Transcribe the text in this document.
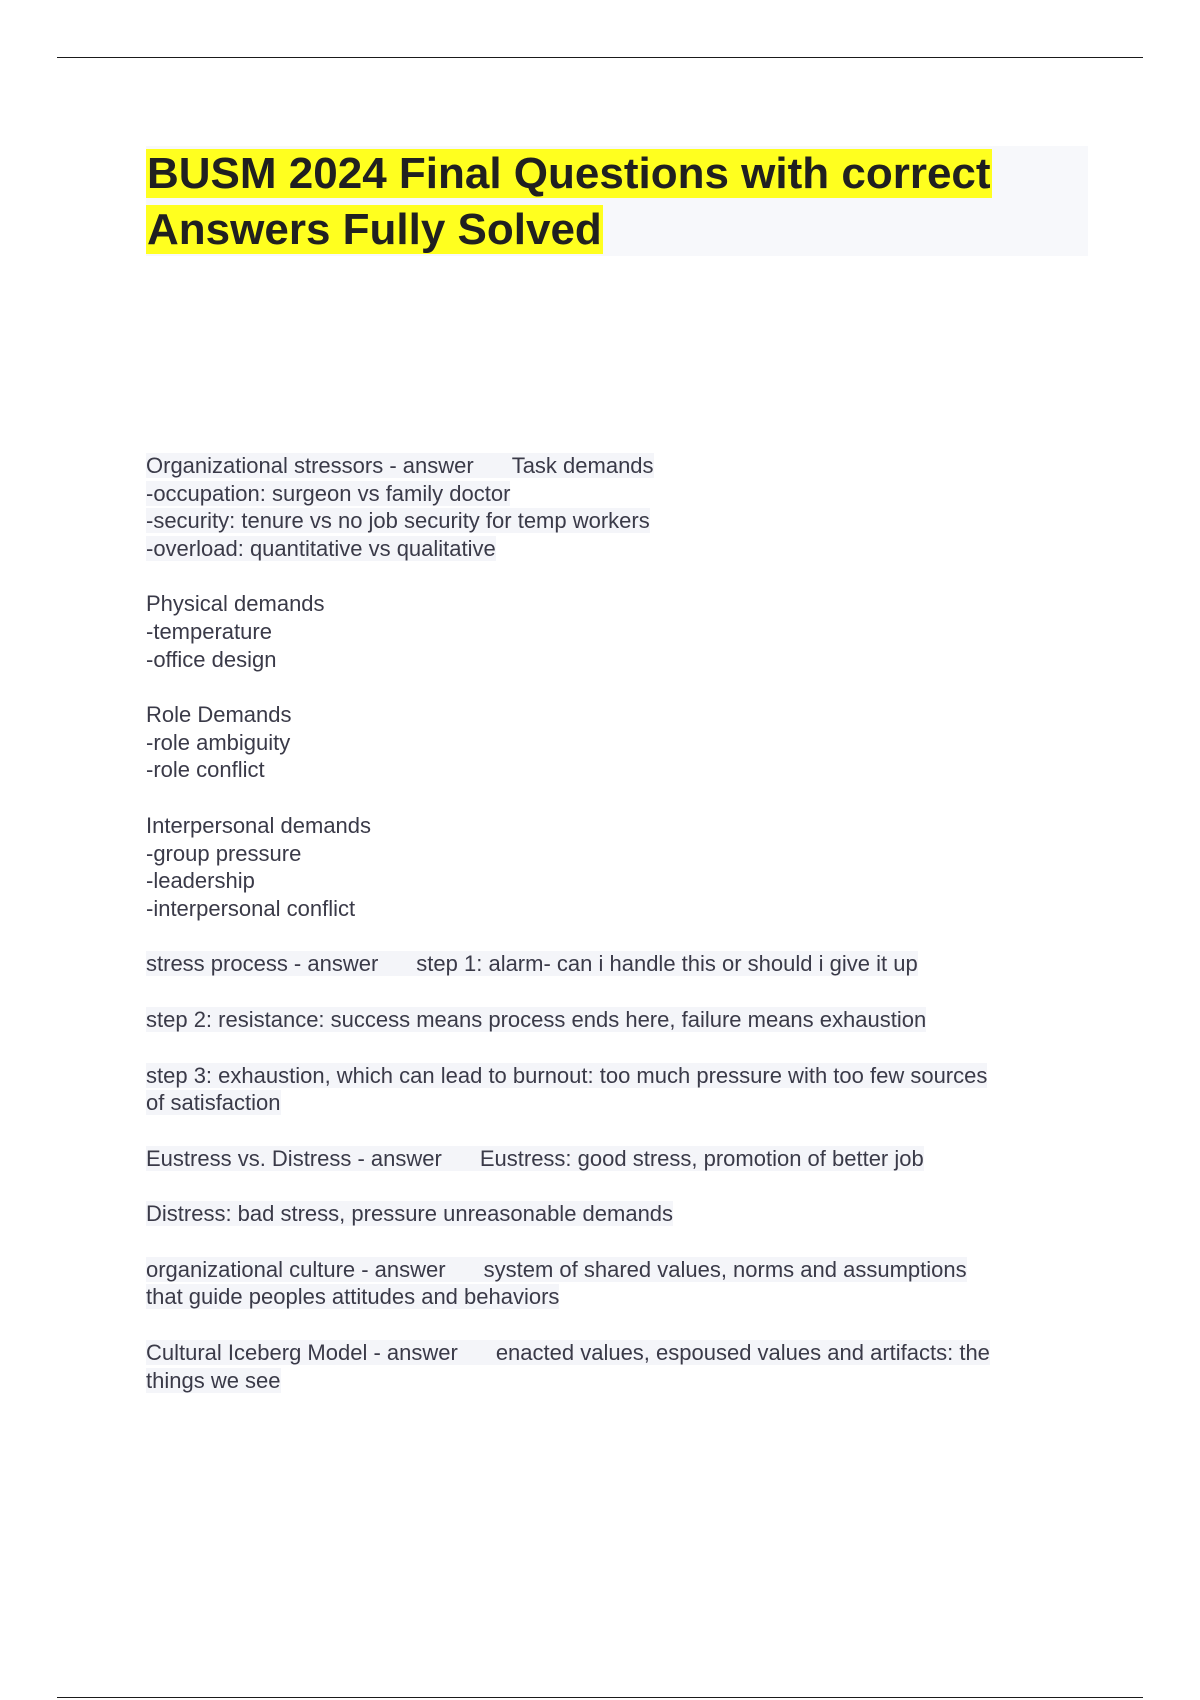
BUSM 2024 Final Questions with correct
Answers Fully Solved
Organizational stressors - answer Task demands
-occupation: surgeon vs family doctor
-security: tenure vs no job security for temp workers
-overload: quantitative vs qualitative
Physical demands
-temperature
-office design
Role Demands
-role ambiguity
-role conflict
Interpersonal demands
-group pressure
-leadership
-interpersonal conflict
stress process - answer step 1: alarm- can i handle this or should i give it up
step 2: resistance: success means process ends here, failure means exhaustion
step 3: exhaustion, which can lead to burnout: too much pressure with too few sources
of satisfaction
Eustress vs. Distress - answer Eustress: good stress, promotion of better job
Distress: bad stress, pressure unreasonable demands
organizational culture - answer system of shared values, norms and assumptions
that guide peoples attitudes and behaviors
Cultural Iceberg Model - answer enacted values, espoused values and artifacts: the
things we see
